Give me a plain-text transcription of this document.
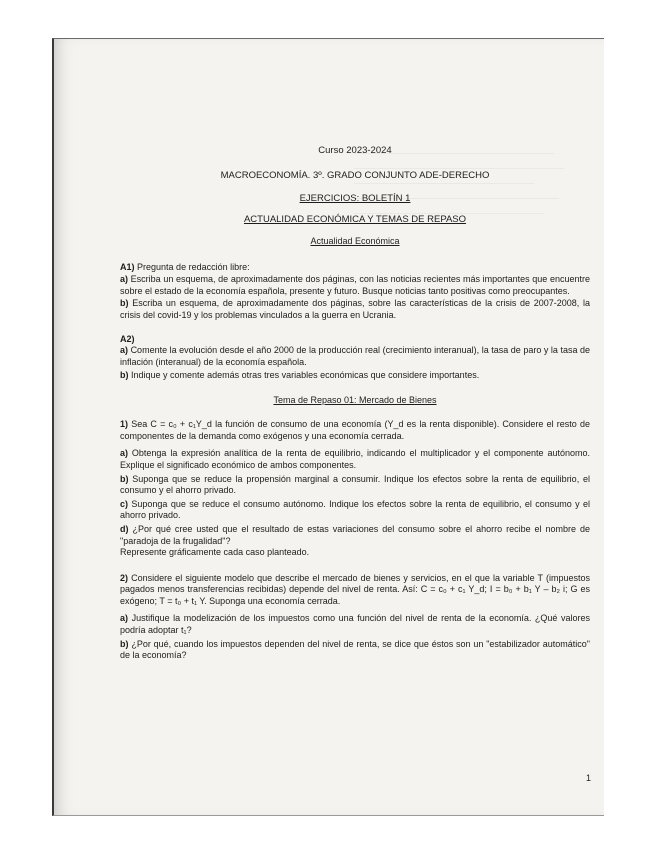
Curso 2023-2024

MACROECONOMÍA. 3º. GRADO CONJUNTO ADE-DERECHO

EJERCICIOS: BOLETÍN 1

ACTUALIDAD ECONÓMICA Y TEMAS DE REPASO

Actualidad Económica

A1) Pregunta de redacción libre:

a) Escriba un esquema, de aproximadamente dos páginas, con las noticias recientes más importantes que encuentre sobre el estado de la economía española, presente y futuro. Busque noticias tanto positivas como preocupantes.

b) Escriba un esquema, de aproximadamente dos páginas, sobre las características de la crisis de 2007-2008, la crisis del covid-19 y los problemas vinculados a la guerra en Ucrania.

A2)

a) Comente la evolución desde el año 2000 de la producción real (crecimiento interanual), la tasa de paro y la tasa de inflación (interanual) de la economía española.

b) Indique y comente además otras tres variables económicas que considere importantes.

Tema de Repaso 01: Mercado de Bienes

1) Sea C = c₀ + c₁Y_d la función de consumo de una economía (Y_d es la renta disponible). Considere el resto de componentes de la demanda como exógenos y una economía cerrada.

a) Obtenga la expresión analítica de la renta de equilibrio, indicando el multiplicador y el componente autónomo. Explique el significado económico de ambos componentes.

b) Suponga que se reduce la propensión marginal a consumir. Indique los efectos sobre la renta de equilibrio, el consumo y el ahorro privado.

c) Suponga que se reduce el consumo autónomo. Indique los efectos sobre la renta de equilibrio, el consumo y el ahorro privado.

d) ¿Por qué cree usted que el resultado de estas variaciones del consumo sobre el ahorro recibe el nombre de "paradoja de la frugalidad"?

Represente gráficamente cada caso planteado.

2) Considere el siguiente modelo que describe el mercado de bienes y servicios, en el que la variable T (impuestos pagados menos transferencias recibidas) depende del nivel de renta. Así: C = c₀ + c₁ Y_d; I = b₀ + b₁ Y – b₂ i; G es exógeno; T = t₀ + t₁ Y. Suponga una economía cerrada.

a) Justifique la modelización de los impuestos como una función del nivel de renta de la economía. ¿Qué valores podría adoptar t₁?

b) ¿Por qué, cuando los impuestos dependen del nivel de renta, se dice que éstos son un "estabilizador automático" de la economía?

1
